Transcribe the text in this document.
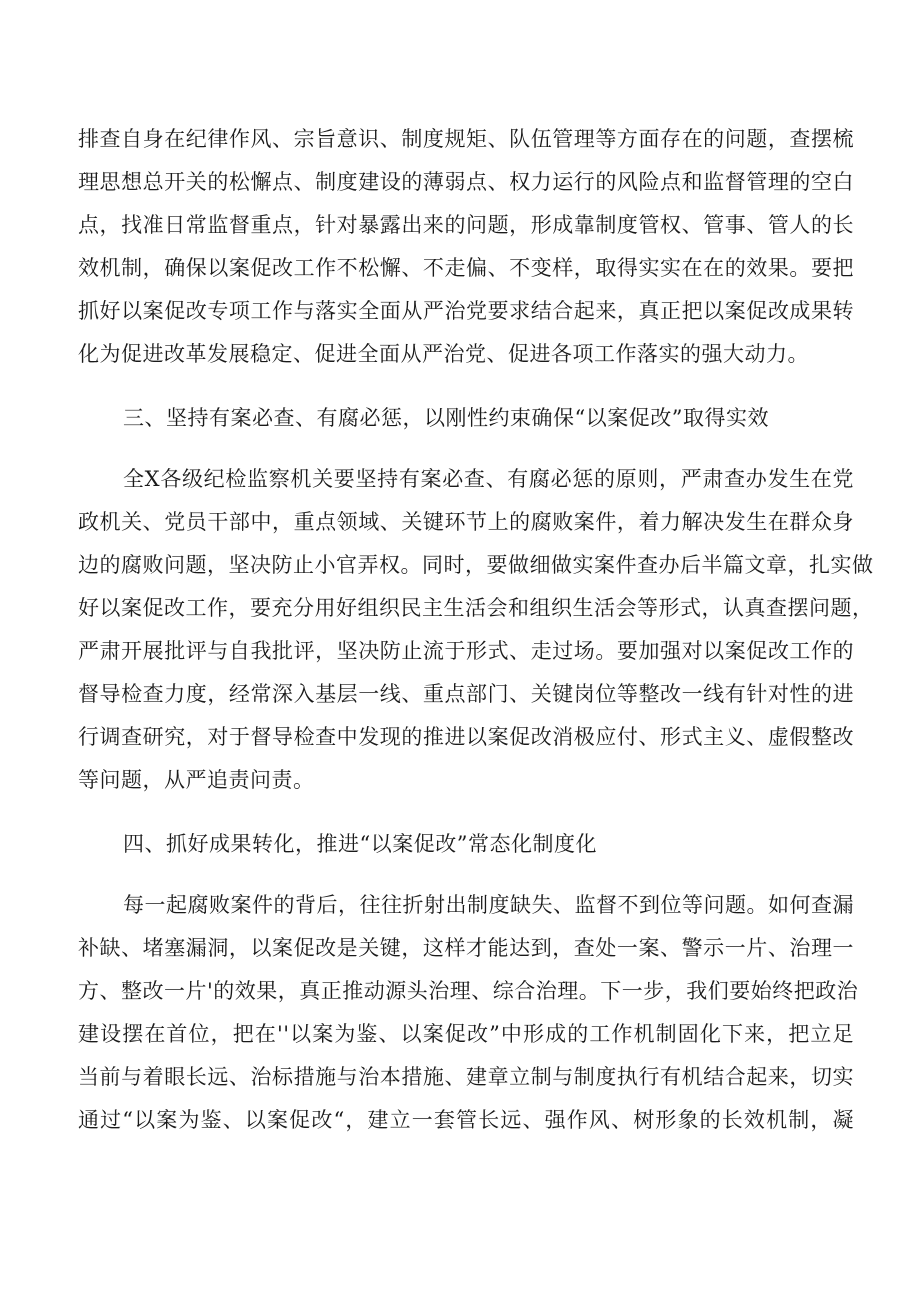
排查自身在纪律作风、宗旨意识、制度规矩、队伍管理等方面存在的问题，查摆梳
理思想总开关的松懈点、制度建设的薄弱点、权力运行的风险点和监督管理的空白
点，找准日常监督重点，针对暴露出来的问题，形成靠制度管权、管事、管人的长
效机制，确保以案促改工作不松懈、不走偏、不变样，取得实实在在的效果。要把
抓好以案促改专项工作与落实全面从严治党要求结合起来，真正把以案促改成果转
化为促进改革发展稳定、促进全面从严治党、促进各项工作落实的强大动力。
三、坚持有案必查、有腐必惩，以刚性约束确保“以案促改”取得实效
全X各级纪检监察机关要坚持有案必查、有腐必惩的原则，严肃查办发生在党
政机关、党员干部中，重点领域、关键环节上的腐败案件，着力解决发生在群众身
边的腐败问题，坚决防止小官弄权。同时，要做细做实案件查办后半篇文章，扎实做
好以案促改工作，要充分用好组织民主生活会和组织生活会等形式，认真查摆问题，
严肃开展批评与自我批评，坚决防止流于形式、走过场。要加强对以案促改工作的
督导检查力度，经常深入基层一线、重点部门、关键岗位等整改一线有针对性的进
行调查研究，对于督导检查中发现的推进以案促改消极应付、形式主义、虚假整改
等问题，从严追责问责。
四、抓好成果转化，推进“以案促改”常态化制度化
每一起腐败案件的背后，往往折射出制度缺失、监督不到位等问题。如何查漏
补缺、堵塞漏洞，以案促改是关键，这样才能达到，查处一案、警示一片、治理一
方、整改一片'的效果，真正推动源头治理、综合治理。下一步，我们要始终把政治
建设摆在首位，把在''以案为鉴、以案促改”中形成的工作机制固化下来，把立足
当前与着眼长远、治标措施与治本措施、建章立制与制度执行有机结合起来，切实
通过“以案为鉴、以案促改“，建立一套管长远、强作风、树形象的长效机制，凝
